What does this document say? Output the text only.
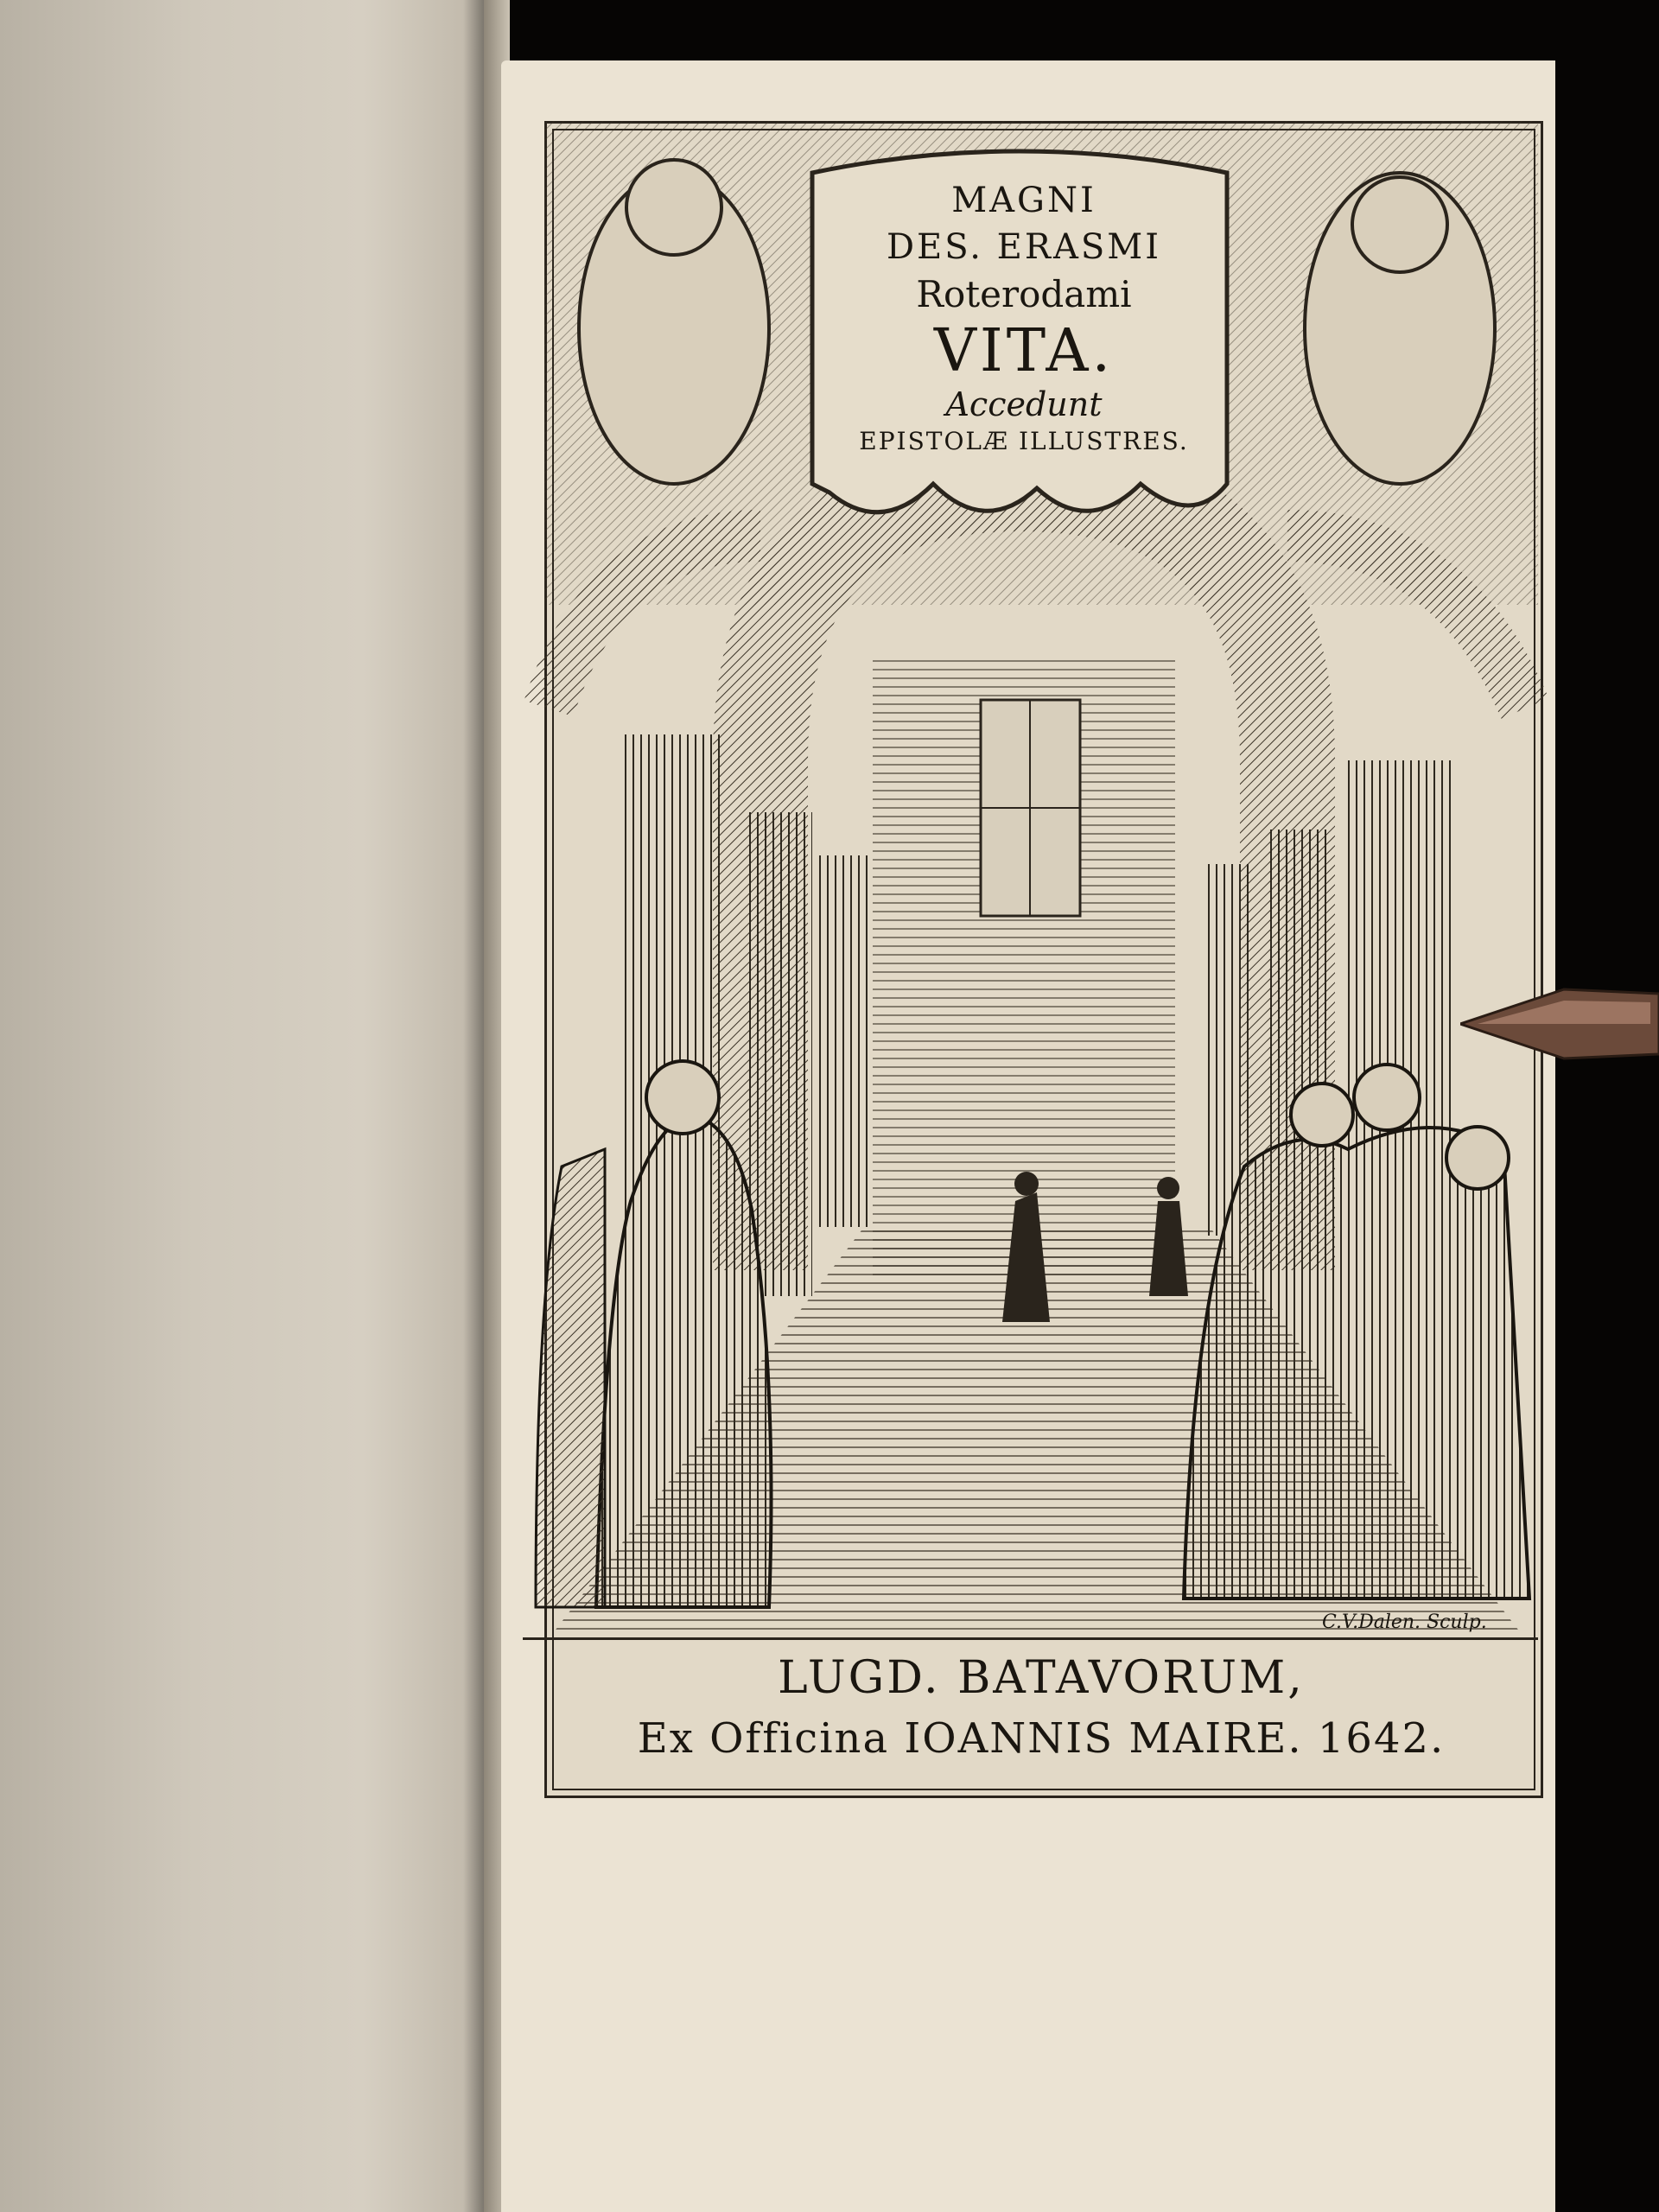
MAGNI
DES. ERASMI
Roterodami
VITA.
Accedunt
EPISTOLÆ ILLUSTRES.
C.V.Dalen. Sculp.
LUGD. BATAVORUM,
Ex Officina IOANNIS MAIRE. 1642.
